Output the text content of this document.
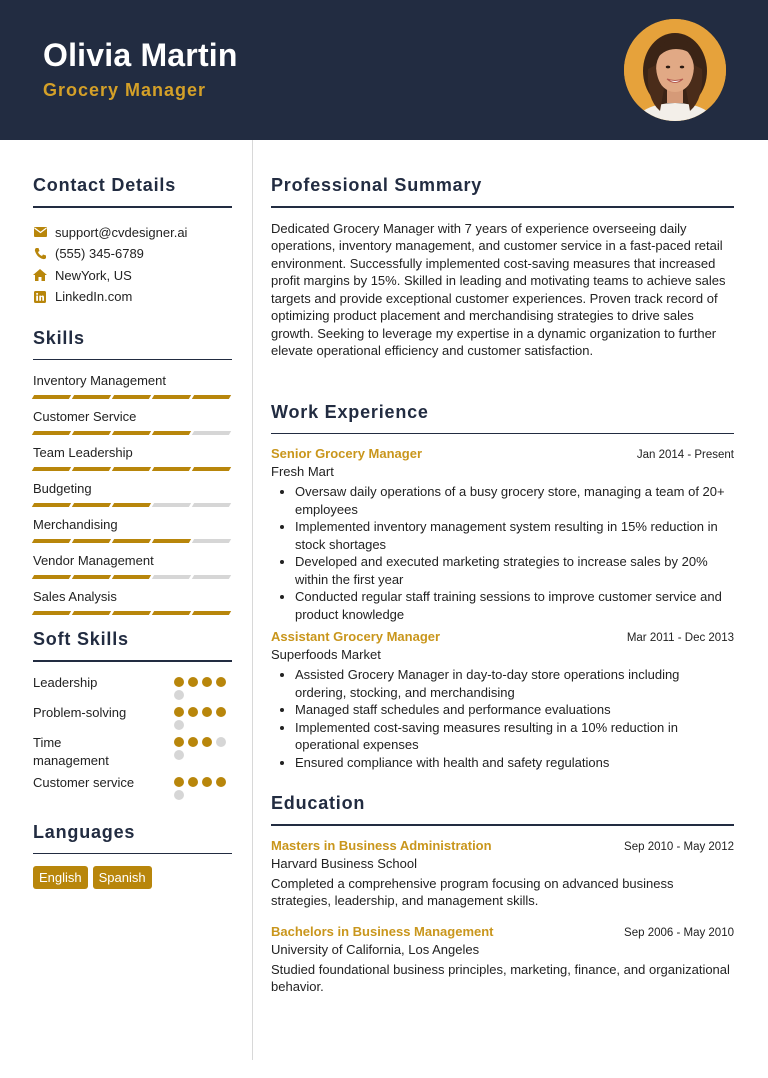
Olivia Martin
Grocery Manager
Contact Details
support@cvdesigner.ai
(555) 345-6789
NewYork, US
LinkedIn.com
Skills
Inventory Management
Customer Service
Team Leadership
Budgeting
Merchandising
Vendor Management
Sales Analysis
Soft Skills
Leadership
Problem-solving
Time management
Customer service
Languages
English	Spanish
Professional Summary
Dedicated Grocery Manager with 7 years of experience overseeing daily operations, inventory management, and customer service in a fast-paced retail environment. Successfully implemented cost-saving measures that increased profit margins by 15%. Skilled in leading and motivating teams to achieve sales targets and provide exceptional customer experiences. Proven track record of optimizing product placement and merchandising strategies to drive sales growth. Seeking to leverage my expertise in a dynamic organization to further elevate operational efficiency and customer satisfaction.
Work Experience
Senior Grocery Manager	Jan 2014 - Present
Fresh Mart
• Oversaw daily operations of a busy grocery store, managing a team of 20+ employees
• Implemented inventory management system resulting in 15% reduction in stock shortages
• Developed and executed marketing strategies to increase sales by 20% within the first year
• Conducted regular staff training sessions to improve customer service and product knowledge
Assistant Grocery Manager	Mar 2011 - Dec 2013
Superfoods Market
• Assisted Grocery Manager in day-to-day store operations including ordering, stocking, and merchandising
• Managed staff schedules and performance evaluations
• Implemented cost-saving measures resulting in a 10% reduction in operational expenses
• Ensured compliance with health and safety regulations
Education
Masters in Business Administration	Sep 2010 - May 2012
Harvard Business School
Completed a comprehensive program focusing on advanced business strategies, leadership, and management skills.
Bachelors in Business Management	Sep 2006 - May 2010
University of California, Los Angeles
Studied foundational business principles, marketing, finance, and organizational behavior.
